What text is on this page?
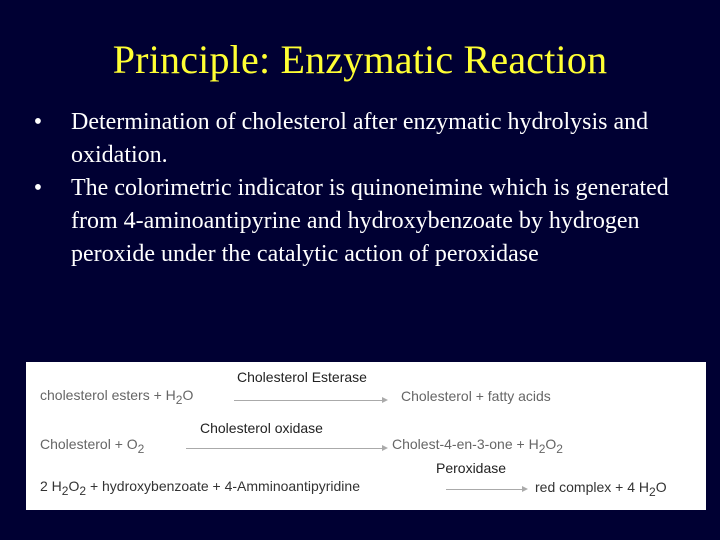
Principle: Enzymatic Reaction
• Determination of cholesterol after enzymatic hydrolysis and oxidation.
• The colorimetric indicator is quinoneimine which is generated from 4-aminoantipyrine and hydroxybenzoate by hydrogen peroxide under the catalytic action of peroxidase
Cholesterol Esterase
cholesterol esters + $H_2O$	Cholesterol + fatty acids
Cholesterol oxidase
Cholesterol + $O_2$	Cholest-4-en-3-one + $H_2O_2$
Peroxidase
2 $H_2O_2$ + hydroxybenzoate + 4-Amminoantipyridine	red complex + 4 $H_2O$
